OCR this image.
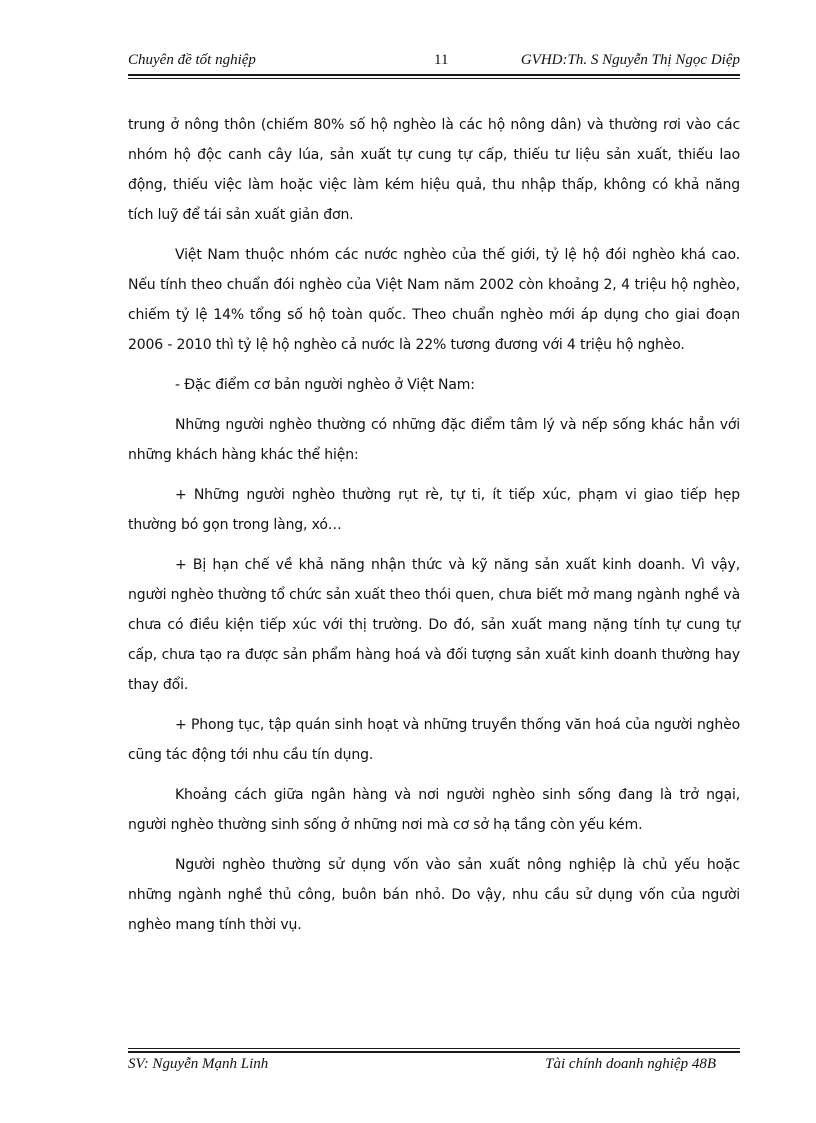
Chuyên đề tốt nghiệp	11	GVHD:Th. S Nguyễn Thị Ngọc Diệp

trung ở nông thôn (chiếm 80% số hộ nghèo là các hộ nông dân) và thường rơi vào các nhóm hộ độc canh cây lúa, sản xuất tự cung tự cấp, thiếu tư liệu sản xuất, thiếu lao động, thiếu việc làm hoặc việc làm kém hiệu quả, thu nhập thấp, không có khả năng tích luỹ để tái sản xuất giản đơn.

Việt Nam thuộc nhóm các nước nghèo của thế giới, tỷ lệ hộ đói nghèo khá cao. Nếu tính theo chuẩn đói nghèo của Việt Nam năm 2002 còn khoảng 2, 4 triệu hộ nghèo, chiếm tỷ lệ 14% tổng số hộ toàn quốc. Theo chuẩn nghèo mới áp dụng cho giai đoạn 2006 - 2010 thì tỷ lệ hộ nghèo cả nước là 22% tương đương với 4 triệu hộ nghèo.

- Đặc điểm cơ bản người nghèo ở Việt Nam:

Những người nghèo thường có những đặc điểm tâm lý và nếp sống khác hẳn với những khách hàng khác thể hiện:

+ Những người nghèo thường rụt rè, tự ti, ít tiếp xúc, phạm vi giao tiếp hẹp thường bó gọn trong làng, xó…

+ Bị hạn chế về khả năng nhận thức và kỹ năng sản xuất kinh doanh. Vì vậy, người nghèo thường tổ chức sản xuất theo thói quen, chưa biết mở mang ngành nghề và chưa có điều kiện tiếp xúc với thị trường. Do đó, sản xuất mang nặng tính tự cung tự cấp, chưa tạo ra được sản phẩm hàng hoá và đối tượng sản xuất kinh doanh thường hay thay đổi.

+ Phong tục, tập quán sinh hoạt và những truyền thống văn hoá của người nghèo cũng tác động tới nhu cầu tín dụng.

Khoảng cách giữa ngân hàng và nơi người nghèo sinh sống đang là trở ngại, người nghèo thường sinh sống ở những nơi mà cơ sở hạ tầng còn yếu kém.

Người nghèo thường sử dụng vốn vào sản xuất nông nghiệp là chủ yếu hoặc những ngành nghề thủ công, buôn bán nhỏ. Do vậy, nhu cầu sử dụng vốn của người nghèo mang tính thời vụ.

SV: Nguyễn Mạnh Linh	Tài chính doanh nghiệp 48B
